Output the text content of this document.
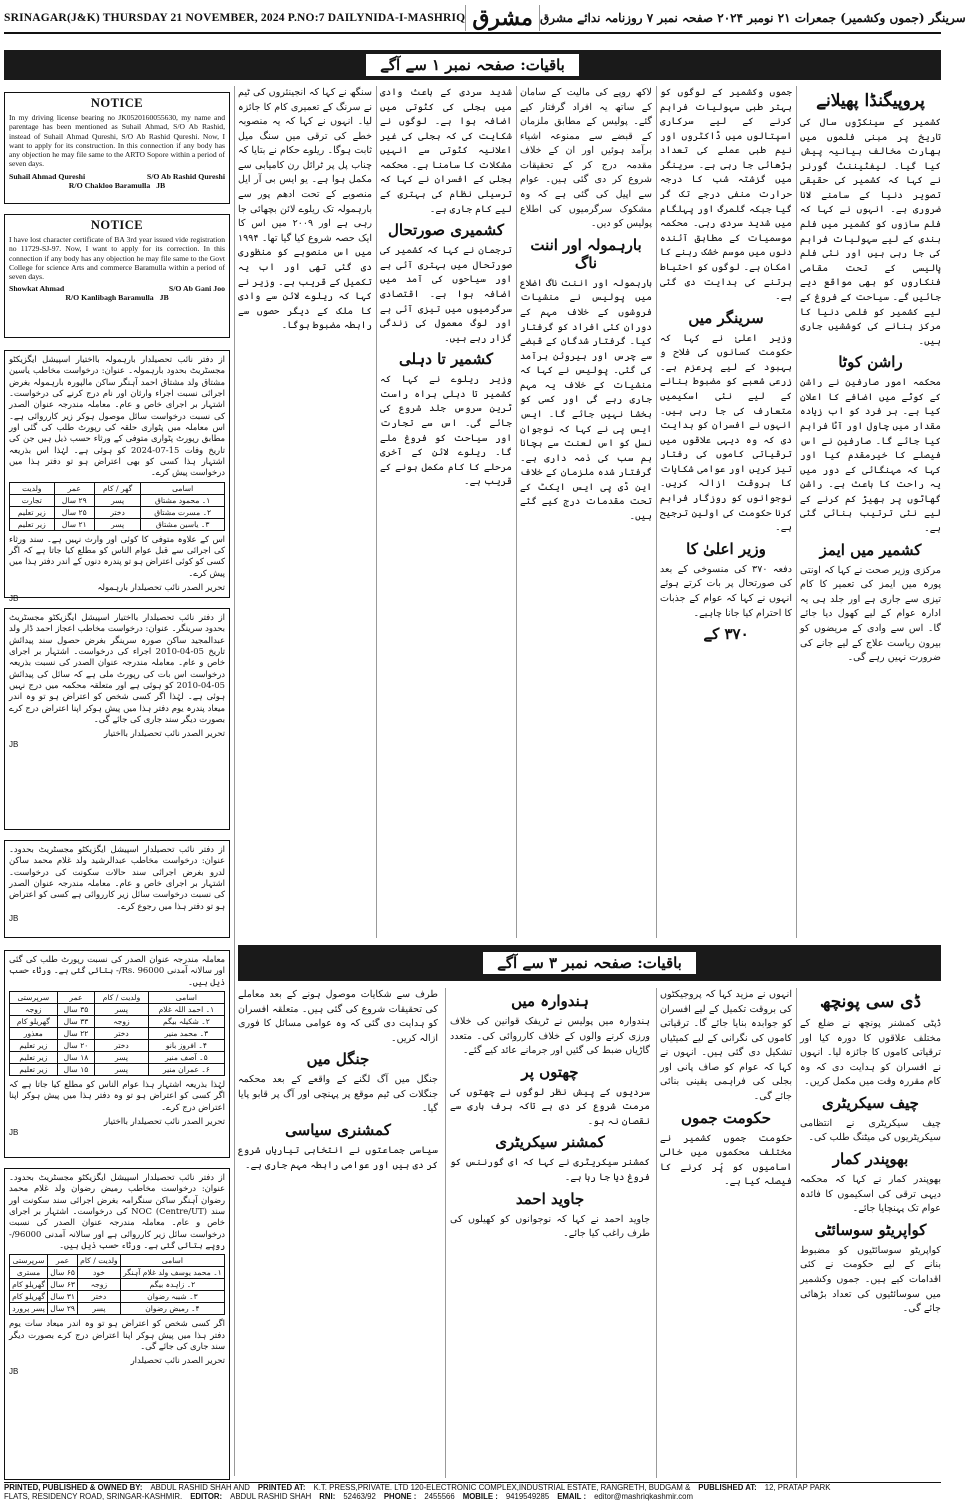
SRINAGAR(J&K) THURSDAY 21 NOVEMBER, 2024 P.NO:7 DAILYNIDA-I-MASHRIQ مشرق سرینگر (جموں وکشمیر) جمعرات ۲۱ نومبر ۲۰۲۴ صفحہ نمبر ۷ روزنامہ ندائے مشرق
باقیات: صفحہ نمبر ۱ سے آگے
NOTICE

In my driving license bearing no JK0520160055630, my name and parentage has been mentioned as Suhail Ahmad, S/O Ab Rashid, instead of Suhail Ahmad Qureshi, S/O Ab Rashid Qureshi. Now, I want to apply for its construction. In this connection if any body has any objection he may file same to the ARTO Sopore within a period of seven days.

Suhail Ahmad Qureshi	S/O Ab Rashid Qureshi
R/O Chakloo Baramulla JB
NOTICE

I have lost character certificate of BA 3rd year issued vide registration no 11729-SJ-97. Now, I want to apply for its correction. In this connection if any body has any objection he may file same to the Govt College for science Arts and commerce Baramulla within a period of seven days.

Showkat Ahmad	S/O Ab Gani Joo
R/O Kanlibagh Baramulla JB

از دفتر نائب تحصیلدار بارہمولہ بااختیار اسپیشل ایگزیکٹو مجسٹریٹ بحدود بارہمولہ۔ عنوان: درخواست مخاطب یاسین مشتاق ولد مشتاق احمد آہنگر ساکن مالپورہ بارہمولہ بغرض اجرائی نسبت اجراء وارثان اور نام درج کرنے کی درخواست۔ اشتہار بر اجرای خاص و عام۔ معاملہ مندرجہ عنوان الصدر کی نسبت درخواست سائل موصول ہوکر زیر کارروائی ہے۔ اس معاملہ میں پٹواری حلقہ کی رپورٹ طلب کی گئی اور مطابق رپورٹ پٹواری متوفی کے ورثاء حسب ذیل ہیں جن کی تاریخ وفات 15-07-2024 کو ہوئی ہے۔ لہٰذا اس بذریعہ اشتہار ہذا کسی کو بھی اعتراض ہو تو دفتر ہذا میں درخواست پیش کرے۔

اسامی	گھر / کام	عمر	ولدیت
۱۔ محمود مشتاق	پسر	۲۹ سال	تجارت
۲۔ مسرت مشتاق	دختر	۲۵ سال	زیر تعلیم
۳۔ یاسین مشتاق	پسر	۲۱ سال	زیر تعلیم

اس کے علاوہ متوفی کا کوئی اور وارث نہیں ہے۔ سند ورثاء کی اجرائی سے قبل عوام الناس کو مطلع کیا جاتا ہے کہ اگر کسی کو کوئی اعتراض ہو تو پندرہ دنوں کے اندر دفتر ہذا میں پیش کرے۔

تحریر الصدر نائب تحصیلدار بارہمولہ
JB

از دفتر نائب تحصیلدار بااختیار اسپیشل ایگزیکٹو مجسٹریٹ بحدود سرینگر۔ عنوان: درخواست مخاطب اعجاز احمد ڈار ولد عبدالمجید ساکن صورہ سرینگر بغرض حصول سند پیدائش تاریخ 05-04-2010 اجراء کی درخواست۔ اشتہار بر اجرای خاص و عام۔ معاملہ مندرجہ عنوان الصدر کی نسبت بذریعہ درخواست اس بات کی رپورٹ ملی ہے کہ سائل کی پیدائش 05-04-2010 کو ہوئی ہے اور متعلقہ محکمہ میں درج نہیں ہوئی ہے۔ لہٰذا اگر کسی شخص کو اعتراض ہو تو وہ اندر میعاد پندرہ یوم دفتر ہذا میں پیش ہوکر اپنا اعتراض درج کرے بصورت دیگر سند جاری کی جائے گی۔

تحریر الصدر نائب تحصیلدار بااختیار
JB

از دفتر نائب تحصیلدار اسپیشل ایگزیکٹو مجسٹریٹ بحدود۔ عنوان: درخواست مخاطب عبدالرشید ولد غلام محمد ساکن لدرو بغرض اجرائی سند حالات سکونت کی درخواست۔ اشتہار بر اجرای خاص و عام۔ معاملہ مندرجہ عنوان الصدر کی نسبت درخواست سائل زیر کارروائی ہے کسی کو اعتراض ہو تو دفتر ہذا میں رجوع کرے۔

JB

معاملہ مندرجہ عنوان الصدر کی نسبت رپورٹ طلب کی گئی اور سالانہ آمدنی Rs. 96000/- بتائی گئی ہے۔ ورثاء حسب ذیل ہیں۔

اسامی	ولدیت / کام	عمر	سرپرستی
۱۔ احمد اللہ غلام	پسر	۳۵ سال	زوجہ
۲۔ شکیلہ بیگم	زوجہ	۳۳ سال	گھریلو کام
۳۔ محمد منیر	دختر	۲۲ سال	معذور
۴۔ افروز بانو	دختر	۲۰ سال	زیر تعلیم
۵۔ آصف منیر	پسر	۱۸ سال	زیر تعلیم
۶۔ عمران منیر	پسر	۱۵ سال	زیر تعلیم

لہٰذا بذریعہ اشتہار ہذا عوام الناس کو مطلع کیا جاتا ہے کہ اگر کسی کو اعتراض ہو تو وہ دفتر ہذا میں پیش ہوکر اپنا اعتراض درج کرے۔

تحریر الصدر نائب تحصیلدار بااختیار
JB

از دفتر نائب تحصیلدار اسپیشل ایگزیکٹو مجسٹریٹ بحدود۔ عنوان: درخواست مخاطب رمیض رضوان ولد غلام محمد رضوان آہنگر ساکن سنگرامہ بغرض اجرائی سند سکونت اور سند NOC (Centre/UT) کی درخواست۔ اشتہار بر اجرای خاص و عام۔ معاملہ مندرجہ عنوان الصدر کی نسبت درخواست سائل زیر کارروائی ہے اور سالانہ آمدنی 96000/- روپے بتائی گئی ہے۔ ورثاء حسب ذیل ہیں۔

اسامی	ولدیت / کام	عمر	سرپرستی
۱۔ محمد یوسف ولد غلام آہنگر	خود	۶۵ سال	مستری
۲۔ زاہدہ بیگم	زوجہ	۶۳ سال	گھریلو کام
۳۔ شیبہ رضوان	دختر	۳۱ سال	گھریلو کام
۴۔ رمیض رضوان	پسر	۲۹ سال	پسر پرورد

اگر کسی شخص کو اعتراض ہو تو وہ اندر میعاد سات یوم دفتر ہذا میں پیش ہوکر اپنا اعتراض درج کرے بصورت دیگر سند جاری کی جائے گی۔

تحریر الصدر نائب تحصیلدار
JB
پروپیگنڈا پھیلانے
کشمیر کے سینکڑوں سال کی تاریخ پر مبنی فلموں میں بھارت مخالف بیانیہ پیش کیا گیا۔ لیفٹیننٹ گورنر نے کہا کہ کشمیر کی حقیقی تصویر دنیا کے سامنے لانا ضروری ہے۔ انہوں نے کہا کہ فلم سازوں کو کشمیر میں فلم بندی کے لیے سہولیات فراہم کی جا رہی ہیں اور نئی فلم پالیسی کے تحت مقامی فنکاروں کو بھی مواقع دیے جائیں گے۔ سیاحت کے فروغ کے لیے کشمیر کو فلمی دنیا کا مرکز بنانے کی کوششیں جاری ہیں۔
راشن کوٹا
محکمہ امور صارفین نے راشن کے کوٹے میں اضافے کا اعلان کیا ہے۔ ہر فرد کو اب زیادہ مقدار میں چاول اور آٹا فراہم کیا جائے گا۔ صارفین نے اس فیصلے کا خیرمقدم کیا اور کہا کہ مہنگائی کے دور میں یہ راحت کا باعث ہے۔ راشن گھاٹوں پر بھیڑ کم کرنے کے لیے نئی ترتیب بنائی گئی ہے۔
کشمیر میں ایمز
مرکزی وزیر صحت نے کہا کہ اونتی پورہ میں ایمز کی تعمیر کا کام تیزی سے جاری ہے اور جلد ہی یہ ادارہ عوام کے لیے کھول دیا جائے گا۔ اس سے وادی کے مریضوں کو بیرون ریاست علاج کے لیے جانے کی ضرورت نہیں رہے گی۔
جموں وکشمیر کے لوگوں کو بہتر طبی سہولیات فراہم کرنے کے لیے سرکاری اسپتالوں میں ڈاکٹروں اور نیم طبی عملے کی تعداد بڑھائی جا رہی ہے۔ سرینگر میں گزشتہ شب کا درجہ حرارت منفی درجے تک گر گیا جبکہ گلمرگ اور پہلگام میں شدید سردی رہی۔ محکمہ موسمیات کے مطابق آئندہ دنوں میں موسم خشک رہنے کا امکان ہے۔ لوگوں کو احتیاط برتنے کی ہدایت دی گئی ہے۔
سرینگر میں
وزیر اعلیٰ نے کہا کہ حکومت کسانوں کی فلاح و بہبود کے لیے پرعزم ہے۔ زرعی شعبے کو مضبوط بنانے کے لیے نئی اسکیمیں متعارف کی جا رہی ہیں۔ انہوں نے افسران کو ہدایت دی کہ وہ دیہی علاقوں میں ترقیاتی کاموں کی رفتار تیز کریں اور عوامی شکایات کا بروقت ازالہ کریں۔ نوجوانوں کو روزگار فراہم کرنا حکومت کی اولین ترجیح ہے۔
وزیر اعلیٰ کا
دفعہ ۳۷۰ کی منسوخی کے بعد کی صورتحال پر بات کرتے ہوئے انہوں نے کہا کہ عوام کے جذبات کا احترام کیا جانا چاہیے۔
۳۷۰ کے
لاکھ روپے کی مالیت کے سامان کے ساتھ یہ افراد گرفتار کیے گئے۔ پولیس کے مطابق ملزمان کے قبضے سے ممنوعہ اشیاء برآمد ہوئیں اور ان کے خلاف مقدمہ درج کر کے تحقیقات شروع کر دی گئی ہیں۔ عوام سے اپیل کی گئی ہے کہ وہ مشکوک سرگرمیوں کی اطلاع پولیس کو دیں۔
بارہمولہ اور اننت ناگ
بارہمولہ اور اننت ناگ اضلاع میں پولیس نے منشیات فروشوں کے خلاف مہم کے دوران کئی افراد کو گرفتار کیا۔ گرفتار شدگان کے قبضے سے چرس اور ہیروئن برآمد کی گئی۔ پولیس نے کہا کہ منشیات کے خلاف یہ مہم جاری رہے گی اور کسی کو بخشا نہیں جائے گا۔ ایس ایس پی نے کہا کہ نوجوان نسل کو اس لعنت سے بچانا ہم سب کی ذمہ داری ہے۔ گرفتار شدہ ملزمان کے خلاف این ڈی پی ایس ایکٹ کے تحت مقدمات درج کیے گئے ہیں۔
شدید سردی کے باعث وادی میں بجلی کی کٹوتی میں اضافہ ہوا ہے۔ لوگوں نے شکایت کی کہ بجلی کی غیر اعلانیہ کٹوتی سے انہیں مشکلات کا سامنا ہے۔ محکمہ بجلی کے افسران نے کہا کہ ترسیلی نظام کی بہتری کے لیے کام جاری ہے۔
کشمیری صورتحال
ترجمان نے کہا کہ کشمیر کی صورتحال میں بہتری آئی ہے اور سیاحوں کی آمد میں اضافہ ہوا ہے۔ اقتصادی سرگرمیوں میں تیزی آئی ہے اور لوگ معمول کی زندگی گزار رہے ہیں۔
کشمیر تا دہلی
وزیر ریلوے نے کہا کہ کشمیر تا دہلی براہ راست ٹرین سروس جلد شروع کی جائے گی۔ اس سے تجارت اور سیاحت کو فروغ ملے گا۔ ریلوے لائن کے آخری مرحلے کا کام مکمل ہونے کے قریب ہے۔
سنگھ نے کہا کہ انجینئروں کی ٹیم نے سرنگ کے تعمیری کام کا جائزہ لیا۔ انہوں نے کہا کہ یہ منصوبہ خطے کی ترقی میں سنگ میل ثابت ہوگا۔ ریلوے حکام نے بتایا کہ چناب پل پر ٹرائل رن کامیابی سے مکمل ہوا ہے۔ یو ایس بی آر ایل منصوبے کے تحت ادھم پور سے بارہمولہ تک ریلوے لائن بچھائی جا رہی ہے اور ۲۰۰۹ میں اس کا ایک حصہ شروع کیا گیا تھا۔ ۱۹۹۴ میں اس منصوبے کو منظوری دی گئی تھی اور اب یہ تکمیل کے قریب ہے۔ وزیر نے کہا کہ ریلوے لائن سے وادی کا ملک کے دیگر حصوں سے رابطہ مضبوط ہوگا۔
باقیات: صفحہ نمبر ۳ سے آگے
ڈی سی پونچھ
ڈپٹی کمشنر پونچھ نے ضلع کے مختلف علاقوں کا دورہ کیا اور ترقیاتی کاموں کا جائزہ لیا۔ انہوں نے افسران کو ہدایت دی کہ وہ کام مقررہ وقت میں مکمل کریں۔
چیف سیکریٹری
چیف سیکریٹری نے انتظامی سیکریٹریوں کی میٹنگ طلب کی۔
بھوپندر کمار
بھوپندر کمار نے کہا کہ محکمہ دیہی ترقی کی اسکیموں کا فائدہ عوام تک پہنچایا جائے۔
کواپریٹو سوسائٹی
کواپریٹو سوسائٹیوں کو مضبوط بنانے کے لیے حکومت نے کئی اقدامات کیے ہیں۔ جموں وکشمیر میں سوسائٹیوں کی تعداد بڑھائی جائے گی۔
انہوں نے مزید کہا کہ پروجیکٹوں کی بروقت تکمیل کے لیے افسران کو جوابدہ بنایا جائے گا۔ ترقیاتی کاموں کی نگرانی کے لیے کمیٹیاں تشکیل دی گئی ہیں۔ انہوں نے کہا کہ عوام کو صاف پانی اور بجلی کی فراہمی یقینی بنائی جائے گی۔
حکومت جموں
حکومت جموں کشمیر نے مختلف محکموں میں خالی اسامیوں کو پُر کرنے کا فیصلہ کیا ہے۔
ہندوارہ میں
ہندوارہ میں پولیس نے ٹریفک قوانین کی خلاف ورزی کرنے والوں کے خلاف کارروائی کی۔ متعدد گاڑیاں ضبط کی گئیں اور جرمانے عائد کیے گئے۔
چھتوں پر
سردیوں کے پیش نظر لوگوں نے چھتوں کی مرمت شروع کر دی ہے تاکہ برف باری سے نقصان نہ ہو۔
کمشنر سیکریٹری
کمشنر سیکریٹری نے کہا کہ ای گورننس کو فروغ دیا جا رہا ہے۔
جاوید احمد
جاوید احمد نے کہا کہ نوجوانوں کو کھیلوں کی طرف راغب کیا جائے۔
طرف سے شکایات موصول ہونے کے بعد معاملے کی تحقیقات شروع کی گئی ہیں۔ متعلقہ افسران کو ہدایت دی گئی کہ وہ عوامی مسائل کا فوری ازالہ کریں۔
جنگل میں
جنگل میں آگ لگنے کے واقعے کے بعد محکمہ جنگلات کی ٹیم موقع پر پہنچی اور آگ پر قابو پایا گیا۔
کمشنری سیاسی
سیاسی جماعتوں نے انتخابی تیاریاں شروع کر دی ہیں اور عوامی رابطہ مہم جاری ہے۔
PRINTED, PUBLISHED & OWNED BY: ABDUL RASHID SHAH AND PRINTED AT: K.T. PRESS,PRIVATE. LTD 120-ELECTRONIC COMPLEX,INDUSTRIAL ESTATE, RANGRETH, BUDGAM & PUBLISHED AT: 12, PRATAP PARK
FLATS, RESIDENCY ROAD, SRINGAR-KASHMIR. EDITOR: ABDUL RASHID SHAH RNI: 52463/92 PHONE : 2455566 MOBILE : 9419549285 EMAIL : editor@mashriqkashmir.com
